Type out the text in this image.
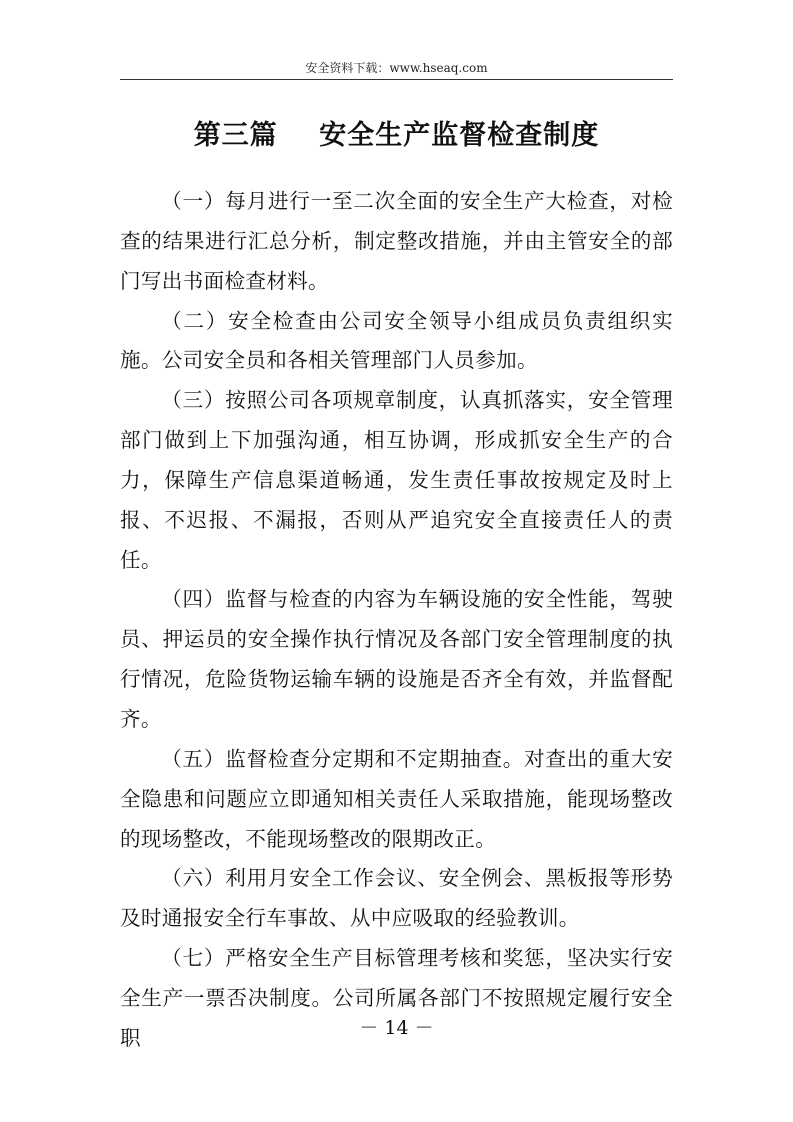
安全资料下载：www.hseaq.com
第三篇    安全生产监督检查制度

（一）每月进行一至二次全面的安全生产大检查，对检查的结果进行汇总分析，制定整改措施，并由主管安全的部门写出书面检查材料。

（二）安全检查由公司安全领导小组成员负责组织实施。公司安全员和各相关管理部门人员参加。

（三）按照公司各项规章制度，认真抓落实，安全管理部门做到上下加强沟通，相互协调，形成抓安全生产的合力，保障生产信息渠道畅通，发生责任事故按规定及时上报、不迟报、不漏报，否则从严追究安全直接责任人的责任。

（四）监督与检查的内容为车辆设施的安全性能，驾驶员、押运员的安全操作执行情况及各部门安全管理制度的执行情况，危险货物运输车辆的设施是否齐全有效，并监督配齐。

（五）监督检查分定期和不定期抽查。对查出的重大安全隐患和问题应立即通知相关责任人采取措施，能现场整改的现场整改，不能现场整改的限期改正。

（六）利用月安全工作会议、安全例会、黑板报等形势及时通报安全行车事故、从中应吸取的经验教训。

（七）严格安全生产目标管理考核和奖惩，坚决实行安全生产一票否决制度。公司所属各部门不按照规定履行安全职	－ 14 －
